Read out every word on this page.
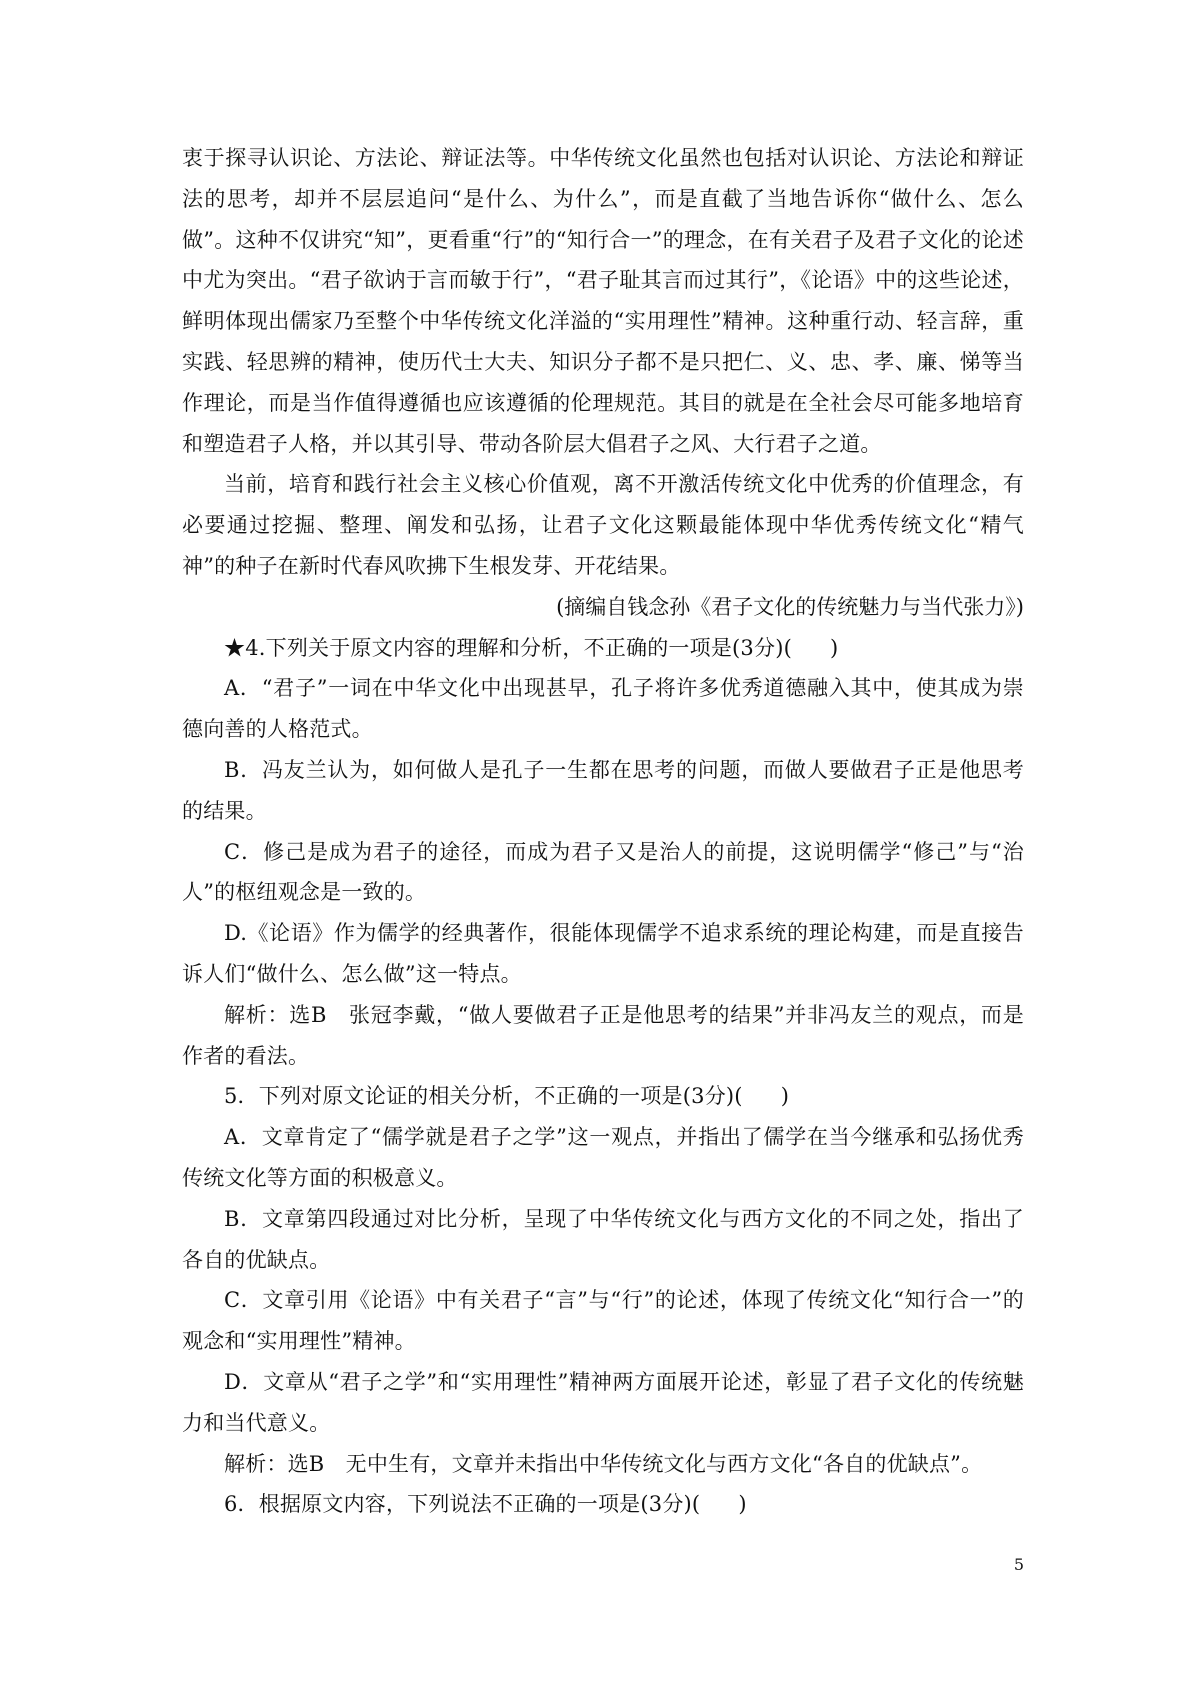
衷于探寻认识论、方法论、辩证法等。中华传统文化虽然也包括对认识论、方法论和辩证法的思考，却并不层层追问“是什么、为什么”，而是直截了当地告诉你“做什么、怎么做”。这种不仅讲究“知”，更看重“行”的“知行合一”的理念，在有关君子及君子文化的论述中尤为突出。“君子欲讷于言而敏于行”，“君子耻其言而过其行”，《论语》中的这些论述，鲜明体现出儒家乃至整个中华传统文化洋溢的“实用理性”精神。这种重行动、轻言辞，重实践、轻思辨的精神，使历代士大夫、知识分子都不是只把仁、义、忠、孝、廉、悌等当作理论，而是当作值得遵循也应该遵循的伦理规范。其目的就是在全社会尽可能多地培育和塑造君子人格，并以其引导、带动各阶层大倡君子之风、大行君子之道。

当前，培育和践行社会主义核心价值观，离不开激活传统文化中优秀的价值理念，有必要通过挖掘、整理、阐发和弘扬，让君子文化这颗最能体现中华优秀传统文化“精气神”的种子在新时代春风吹拂下生根发芽、开花结果。

(摘编自钱念孙《君子文化的传统魅力与当代张力》)

★4.下列关于原文内容的理解和分析，不正确的一项是(3分)( )

A．“君子”一词在中华文化中出现甚早，孔子将许多优秀道德融入其中，使其成为崇德向善的人格范式。

B．冯友兰认为，如何做人是孔子一生都在思考的问题，而做人要做君子正是他思考的结果。

C．修己是成为君子的途径，而成为君子又是治人的前提，这说明儒学“修己”与“治人”的枢纽观念是一致的。

D.《论语》作为儒学的经典著作，很能体现儒学不追求系统的理论构建，而是直接告诉人们“做什么、怎么做”这一特点。

解析：选B　张冠李戴，“做人要做君子正是他思考的结果”并非冯友兰的观点，而是作者的看法。

5．下列对原文论证的相关分析，不正确的一项是(3分)( )

A．文章肯定了“儒学就是君子之学”这一观点，并指出了儒学在当今继承和弘扬优秀传统文化等方面的积极意义。

B．文章第四段通过对比分析，呈现了中华传统文化与西方文化的不同之处，指出了各自的优缺点。

C．文章引用《论语》中有关君子“言”与“行”的论述，体现了传统文化“知行合一”的观念和“实用理性”精神。

D．文章从“君子之学”和“实用理性”精神两方面展开论述，彰显了君子文化的传统魅力和当代意义。

解析：选B　无中生有，文章并未指出中华传统文化与西方文化“各自的优缺点”。

6．根据原文内容，下列说法不正确的一项是(3分)( )

5
